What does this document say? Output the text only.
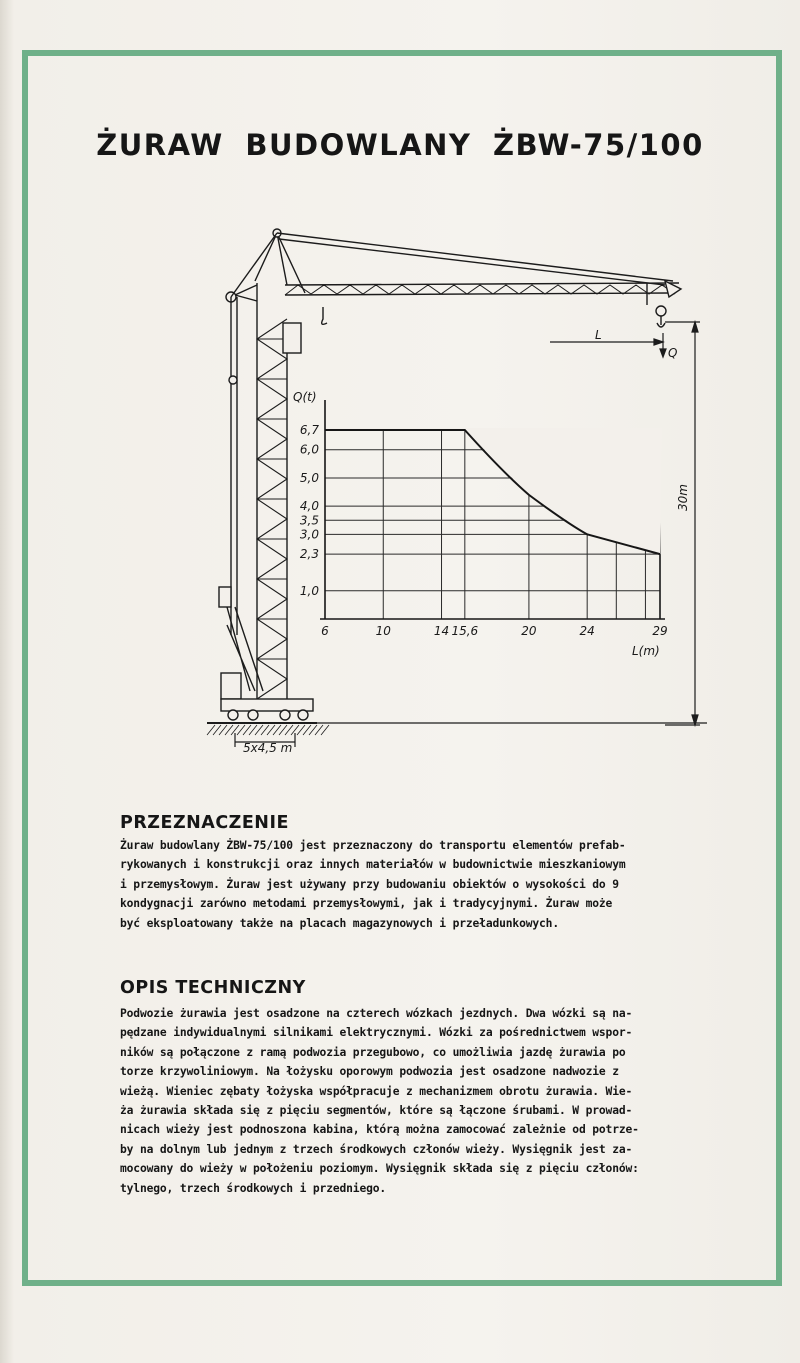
ŻURAW BUDOWLANY ŻBW-75/100
6	10	14 15,6	20	24	29
1,0
2,3
3,0
3,5
4,0
5,0
6,0
6,7
L(m)
Q(t)
30m
L
Q
5x4,5 m
PRZEZNACZENIE
Żuraw budowlany ŻBW-75/100 jest przeznaczony do transportu elementów prefab-
rykowanych i konstrukcji oraz innych materiałów w budownictwie mieszkaniowym
i przemysłowym. Żuraw jest używany przy budowaniu obiektów o wysokości do 9
kondygnacji zarówno metodami przemysłowymi, jak i tradycyjnymi. Żuraw może
być eksploatowany także na placach magazynowych i przeładunkowych.
OPIS TECHNICZNY
Podwozie żurawia jest osadzone na czterech wózkach jezdnych. Dwa wózki są na-
pędzane indywidualnymi silnikami elektrycznymi. Wózki za pośrednictwem wspor-
ników są połączone z ramą podwozia przegubowo, co umożliwia jazdę żurawia po
torze krzywoliniowym. Na łożysku oporowym podwozia jest osadzone nadwozie z
wieżą. Wieniec zębaty łożyska współpracuje z mechanizmem obrotu żurawia. Wie-
ża żurawia składa się z pięciu segmentów, które są łączone śrubami. W prowad-
nicach wieży jest podnoszona kabina, którą można zamocować zależnie od potrze-
by na dolnym lub jednym z trzech środkowych członów wieży. Wysięgnik jest za-
mocowany do wieży w położeniu poziomym. Wysięgnik składa się z pięciu członów:
tylnego, trzech środkowych i przedniego.
